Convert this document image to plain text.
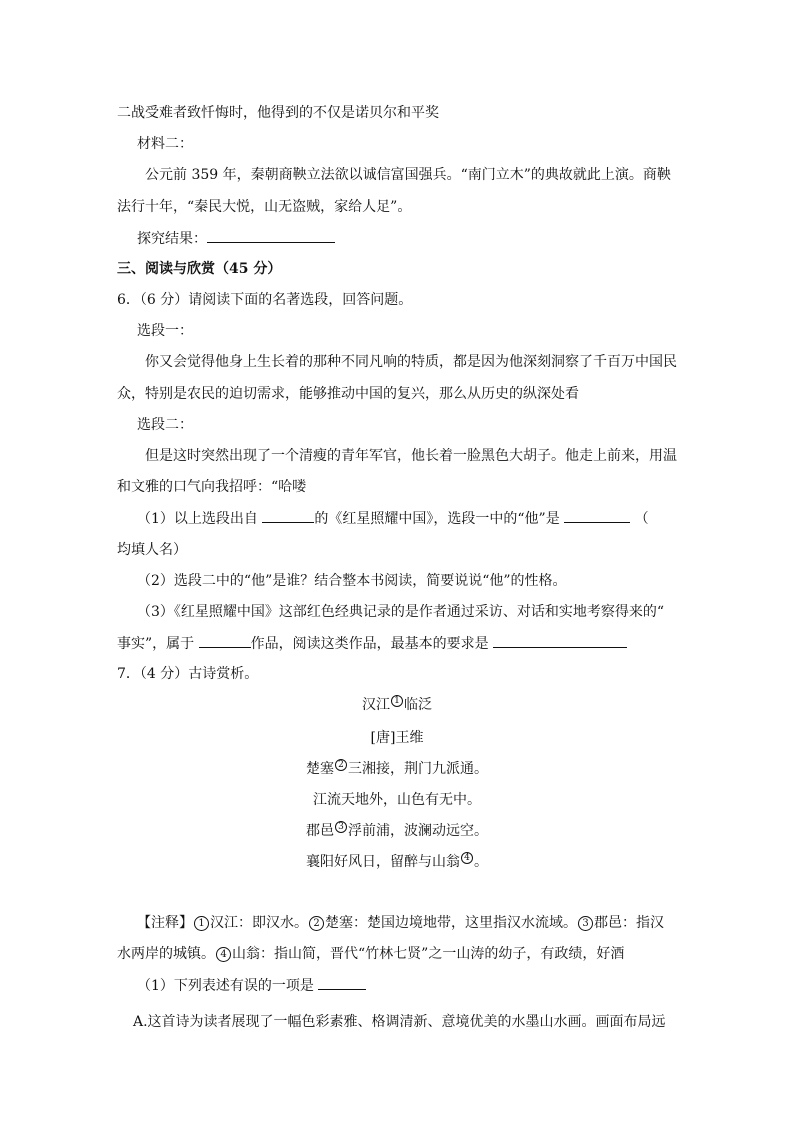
二战受难者致忏悔时，他得到的不仅是诺贝尔和平奖
材料二：
公元前 359 年，秦朝商鞅立法欲以诚信富国强兵。“南门立木”的典故就此上演。商鞅
法行十年，“秦民大悦，山无盗贼，家给人足”。
探究结果：
三、阅读与欣赏（45 分）
6．（6 分）请阅读下面的名著选段，回答问题。
选段一：
你又会觉得他身上生长着的那种不同凡响的特质，都是因为他深刻洞察了千百万中国民
众，特别是农民的迫切需求，能够推动中国的复兴，那么从历史的纵深处看
选段二：
但是这时突然出现了一个清瘦的青年军官，他长着一脸黑色大胡子。他走上前来，用温
和文雅的口气向我招呼：“哈喽
（1）以上选段出自	的《红星照耀中国》，选段一中的“他”是	（
均填人名）
（2）选段二中的“他”是谁？结合整本书阅读，简要说说“他”的性格。
（3）《红星照耀中国》这部红色经典记录的是作者通过采访、对话和实地考察得来的“
事实”，属于	作品，阅读这类作品，最基本的要求是
7．（4 分）古诗赏析。
汉江 1 临泛
[唐]王维
楚塞 2 三湘接，荆门九派通。
江流天地外，山色有无中。
郡邑 3 浮前浦，波澜动远空。
襄阳好风日，留醉与山翁 4 。
【注释】 1 汉江：即汉水。 2 楚塞：楚国边境地带，这里指汉水流域。 3 郡邑：指汉
水两岸的城镇。 4 山翁：指山简，晋代“竹林七贤”之一山涛的幼子，有政绩，好酒
（1）下列表述有误的一项是
A.这首诗为读者展现了一幅色彩素雅、格调清新、意境优美的水墨山水画。画面布局远
